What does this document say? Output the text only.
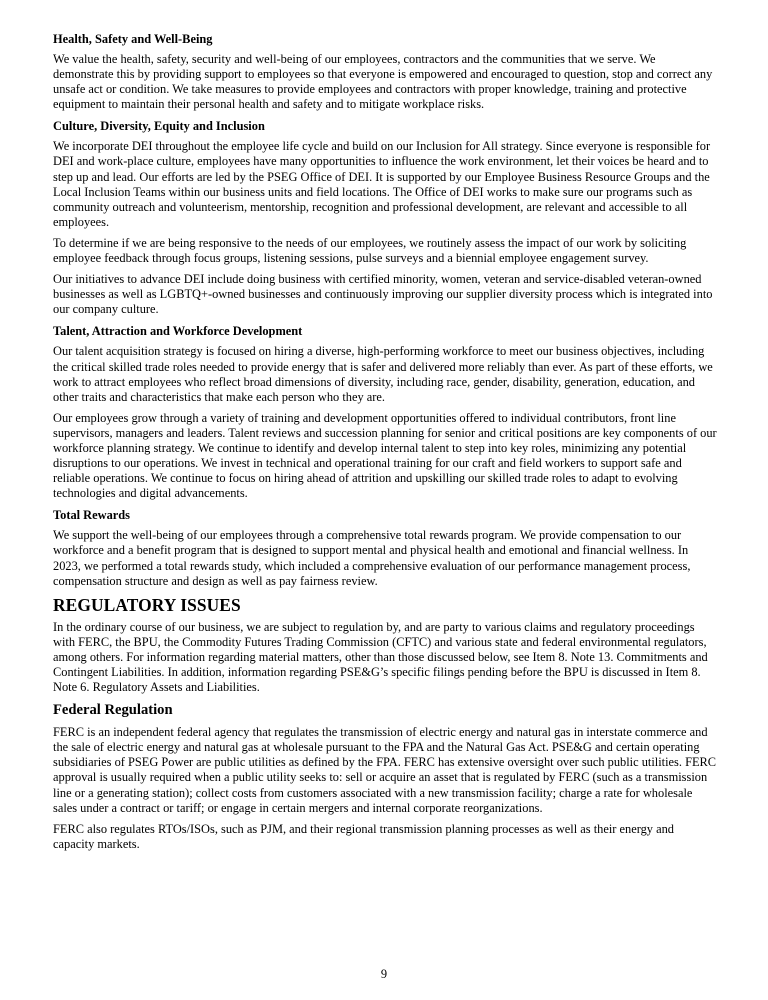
Health, Safety and Well-Being

We value the health, safety, security and well-being of our employees, contractors and the communities that we serve. We demonstrate this by providing support to employees so that everyone is empowered and encouraged to question, stop and correct any unsafe act or condition. We take measures to provide employees and contractors with proper knowledge, training and protective equipment to maintain their personal health and safety and to mitigate workplace risks.

Culture, Diversity, Equity and Inclusion

We incorporate DEI throughout the employee life cycle and build on our Inclusion for All strategy. Since everyone is responsible for DEI and work-place culture, employees have many opportunities to influence the work environment, let their voices be heard and to step up and lead. Our efforts are led by the PSEG Office of DEI. It is supported by our Employee Business Resource Groups and the Local Inclusion Teams within our business units and field locations. The Office of DEI works to make sure our programs such as community outreach and volunteerism, mentorship, recognition and professional development, are relevant and accessible to all employees.

To determine if we are being responsive to the needs of our employees, we routinely assess the impact of our work by soliciting employee feedback through focus groups, listening sessions, pulse surveys and a biennial employee engagement survey.

Our initiatives to advance DEI include doing business with certified minority, women, veteran and service-disabled veteran-owned businesses as well as LGBTQ+-owned businesses and continuously improving our supplier diversity process which is integrated into our company culture.

Talent, Attraction and Workforce Development

Our talent acquisition strategy is focused on hiring a diverse, high-performing workforce to meet our business objectives, including the critical skilled trade roles needed to provide energy that is safer and delivered more reliably than ever. As part of these efforts, we work to attract employees who reflect broad dimensions of diversity, including race, gender, disability, generation, education, and other traits and characteristics that make each person who they are.

Our employees grow through a variety of training and development opportunities offered to individual contributors, front line supervisors, managers and leaders. Talent reviews and succession planning for senior and critical positions are key components of our workforce planning strategy. We continue to identify and develop internal talent to step into key roles, minimizing any potential disruptions to our operations. We invest in technical and operational training for our craft and field workers to support safe and reliable operations. We continue to focus on hiring ahead of attrition and upskilling our skilled trade roles to adapt to evolving technologies and digital advancements.

Total Rewards

We support the well-being of our employees through a comprehensive total rewards program. We provide compensation to our workforce and a benefit program that is designed to support mental and physical health and emotional and financial wellness. In 2023, we performed a total rewards study, which included a comprehensive evaluation of our performance management process, compensation structure and design as well as pay fairness review.

REGULATORY ISSUES

In the ordinary course of our business, we are subject to regulation by, and are party to various claims and regulatory proceedings with FERC, the BPU, the Commodity Futures Trading Commission (CFTC) and various state and federal environmental regulators, among others. For information regarding material matters, other than those discussed below, see Item 8. Note 13. Commitments and Contingent Liabilities. In addition, information regarding PSE&G’s specific filings pending before the BPU is discussed in Item 8. Note 6. Regulatory Assets and Liabilities.

Federal Regulation

FERC is an independent federal agency that regulates the transmission of electric energy and natural gas in interstate commerce and the sale of electric energy and natural gas at wholesale pursuant to the FPA and the Natural Gas Act. PSE&G and certain operating subsidiaries of PSEG Power are public utilities as defined by the FPA. FERC has extensive oversight over such public utilities. FERC approval is usually required when a public utility seeks to: sell or acquire an asset that is regulated by FERC (such as a transmission line or a generating station); collect costs from customers associated with a new transmission facility; charge a rate for wholesale sales under a contract or tariff; or engage in certain mergers and internal corporate reorganizations.

FERC also regulates RTOs/ISOs, such as PJM, and their regional transmission planning processes as well as their energy and capacity markets.

9
